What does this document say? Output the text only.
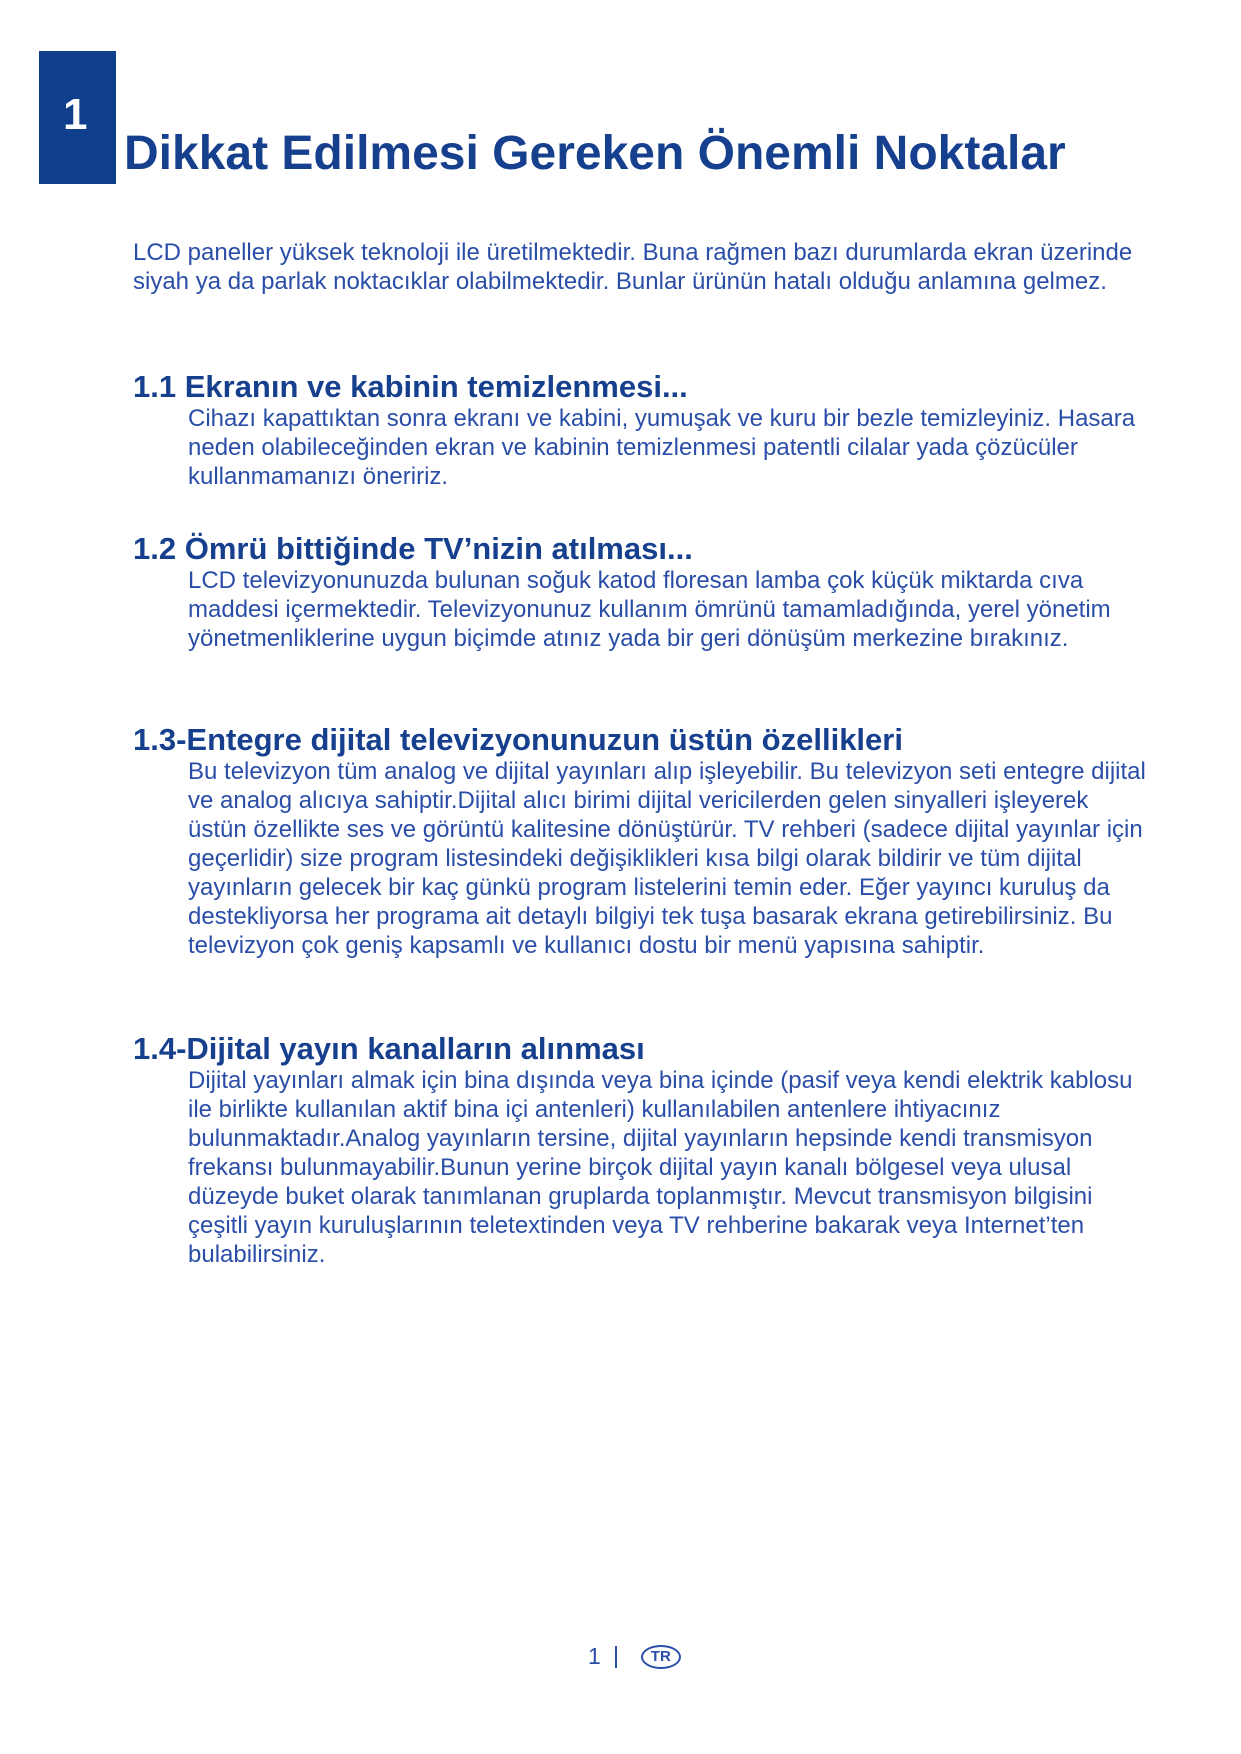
1
Dikkat Edilmesi Gereken Önemli Noktalar

LCD paneller yüksek teknoloji ile üretilmektedir. Buna rağmen bazı durumlarda ekran üzerinde siyah ya da parlak noktacıklar olabilmektedir. Bunlar ürünün hatalı olduğu anlamına gelmez.

1.1 Ekranın ve kabinin temizlenmesi...

Cihazı kapattıktan sonra ekranı ve kabini, yumuşak ve kuru bir bezle temizleyiniz. Hasara neden olabileceğinden ekran ve kabinin temizlenmesi patentli cilalar yada çözücüler kullanmamanızı öneririz.

1.2 Ömrü bittiğinde TV’nizin atılması...

LCD televizyonunuzda bulunan soğuk katod floresan lamba çok küçük miktarda cıva maddesi içermektedir. Televizyonunuz kullanım ömrünü tamamladığında, yerel yönetim yönetmenliklerine uygun biçimde atınız yada bir geri dönüşüm merkezine bırakınız.

1.3-Entegre dijital televizyonunuzun üstün özellikleri

Bu televizyon tüm analog ve dijital yayınları alıp işleyebilir. Bu televizyon seti entegre dijital ve analog alıcıya sahiptir.Dijital alıcı birimi dijital vericilerden gelen sinyalleri işleyerek üstün özellikte ses ve görüntü kalitesine dönüştürür. TV rehberi (sadece dijital yayınlar için geçerlidir) size program listesindeki değişiklikleri kısa bilgi olarak bildirir ve tüm dijital yayınların gelecek bir kaç günkü program listelerini temin eder. Eğer yayıncı kuruluş da destekliyorsa her programa ait detaylı bilgiyi tek tuşa basarak ekrana getirebilirsiniz. Bu televizyon çok geniş kapsamlı ve kullanıcı dostu bir menü yapısına sahiptir.

1.4-Dijital yayın kanalların alınması

Dijital yayınları almak için bina dışında veya bina içinde (pasif veya kendi elektrik kablosu ile birlikte kullanılan aktif bina içi antenleri) kullanılabilen antenlere ihtiyacınız bulunmaktadır.Analog yayınların tersine, dijital yayınların hepsinde kendi transmisyon frekansı bulunmayabilir.Bunun yerine birçok dijital yayın kanalı bölgesel veya ulusal düzeyde buket olarak tanımlanan gruplarda toplanmıştır. Mevcut transmisyon bilgisini çeşitli yayın kuruluşlarının teletextinden veya TV rehberine bakarak veya Internet’ten bulabilirsiniz.

1	TR
